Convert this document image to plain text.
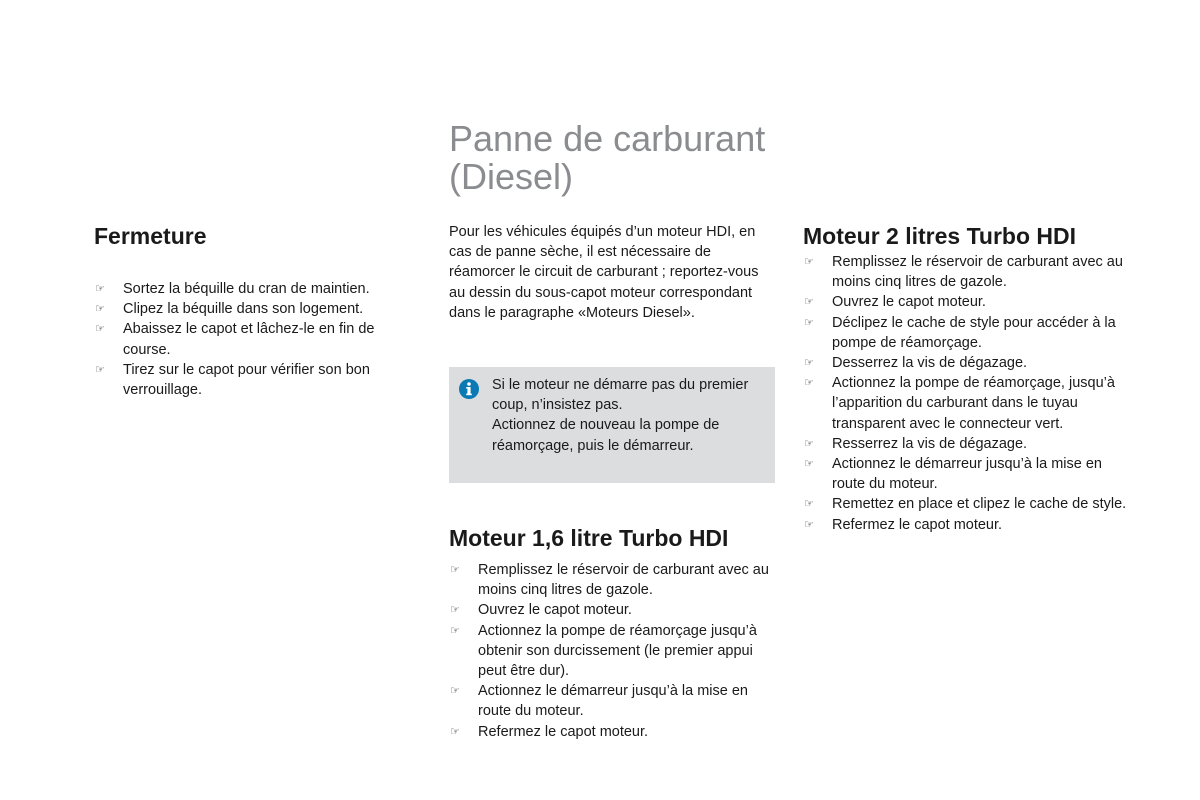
Panne de carburant (Diesel)
Fermeture
☞ Sortez la béquille du cran de maintien.
☞ Clipez la béquille dans son logement.
☞ Abaissez le capot et lâchez-le en fin de course.
☞ Tirez sur le capot pour vérifier son bon verrouillage.

Pour les véhicules équipés d’un moteur HDI, en cas de panne sèche, il est nécessaire de réamorcer le circuit de carburant ; reportez-vous au dessin du sous-capot moteur correspondant dans le paragraphe «Moteurs Diesel».

Si le moteur ne démarre pas du premier coup, n’insistez pas.

Actionnez de nouveau la pompe de réamorçage, puis le démarreur.

Moteur 1,6 litre Turbo HDI
☞ Remplissez le réservoir de carburant avec au moins cinq litres de gazole.
☞ Ouvrez le capot moteur.
☞ Actionnez la pompe de réamorçage jusqu’à obtenir son durcissement (le premier appui peut être dur).
☞ Actionnez le démarreur jusqu’à la mise en route du moteur.
☞ Refermez le capot moteur.
Moteur 2 litres Turbo HDI
☞ Remplissez le réservoir de carburant avec au moins cinq litres de gazole.
☞ Ouvrez le capot moteur.
☞ Déclipez le cache de style pour accéder à la pompe de réamorçage.
☞ Desserrez la vis de dégazage.
☞ Actionnez la pompe de réamorçage, jusqu’à l’apparition du carburant dans le tuyau transparent avec le connecteur vert.
☞ Resserrez la vis de dégazage.
☞ Actionnez le démarreur jusqu’à la mise en route du moteur.
☞ Remettez en place et clipez le cache de style.
☞ Refermez le capot moteur.
